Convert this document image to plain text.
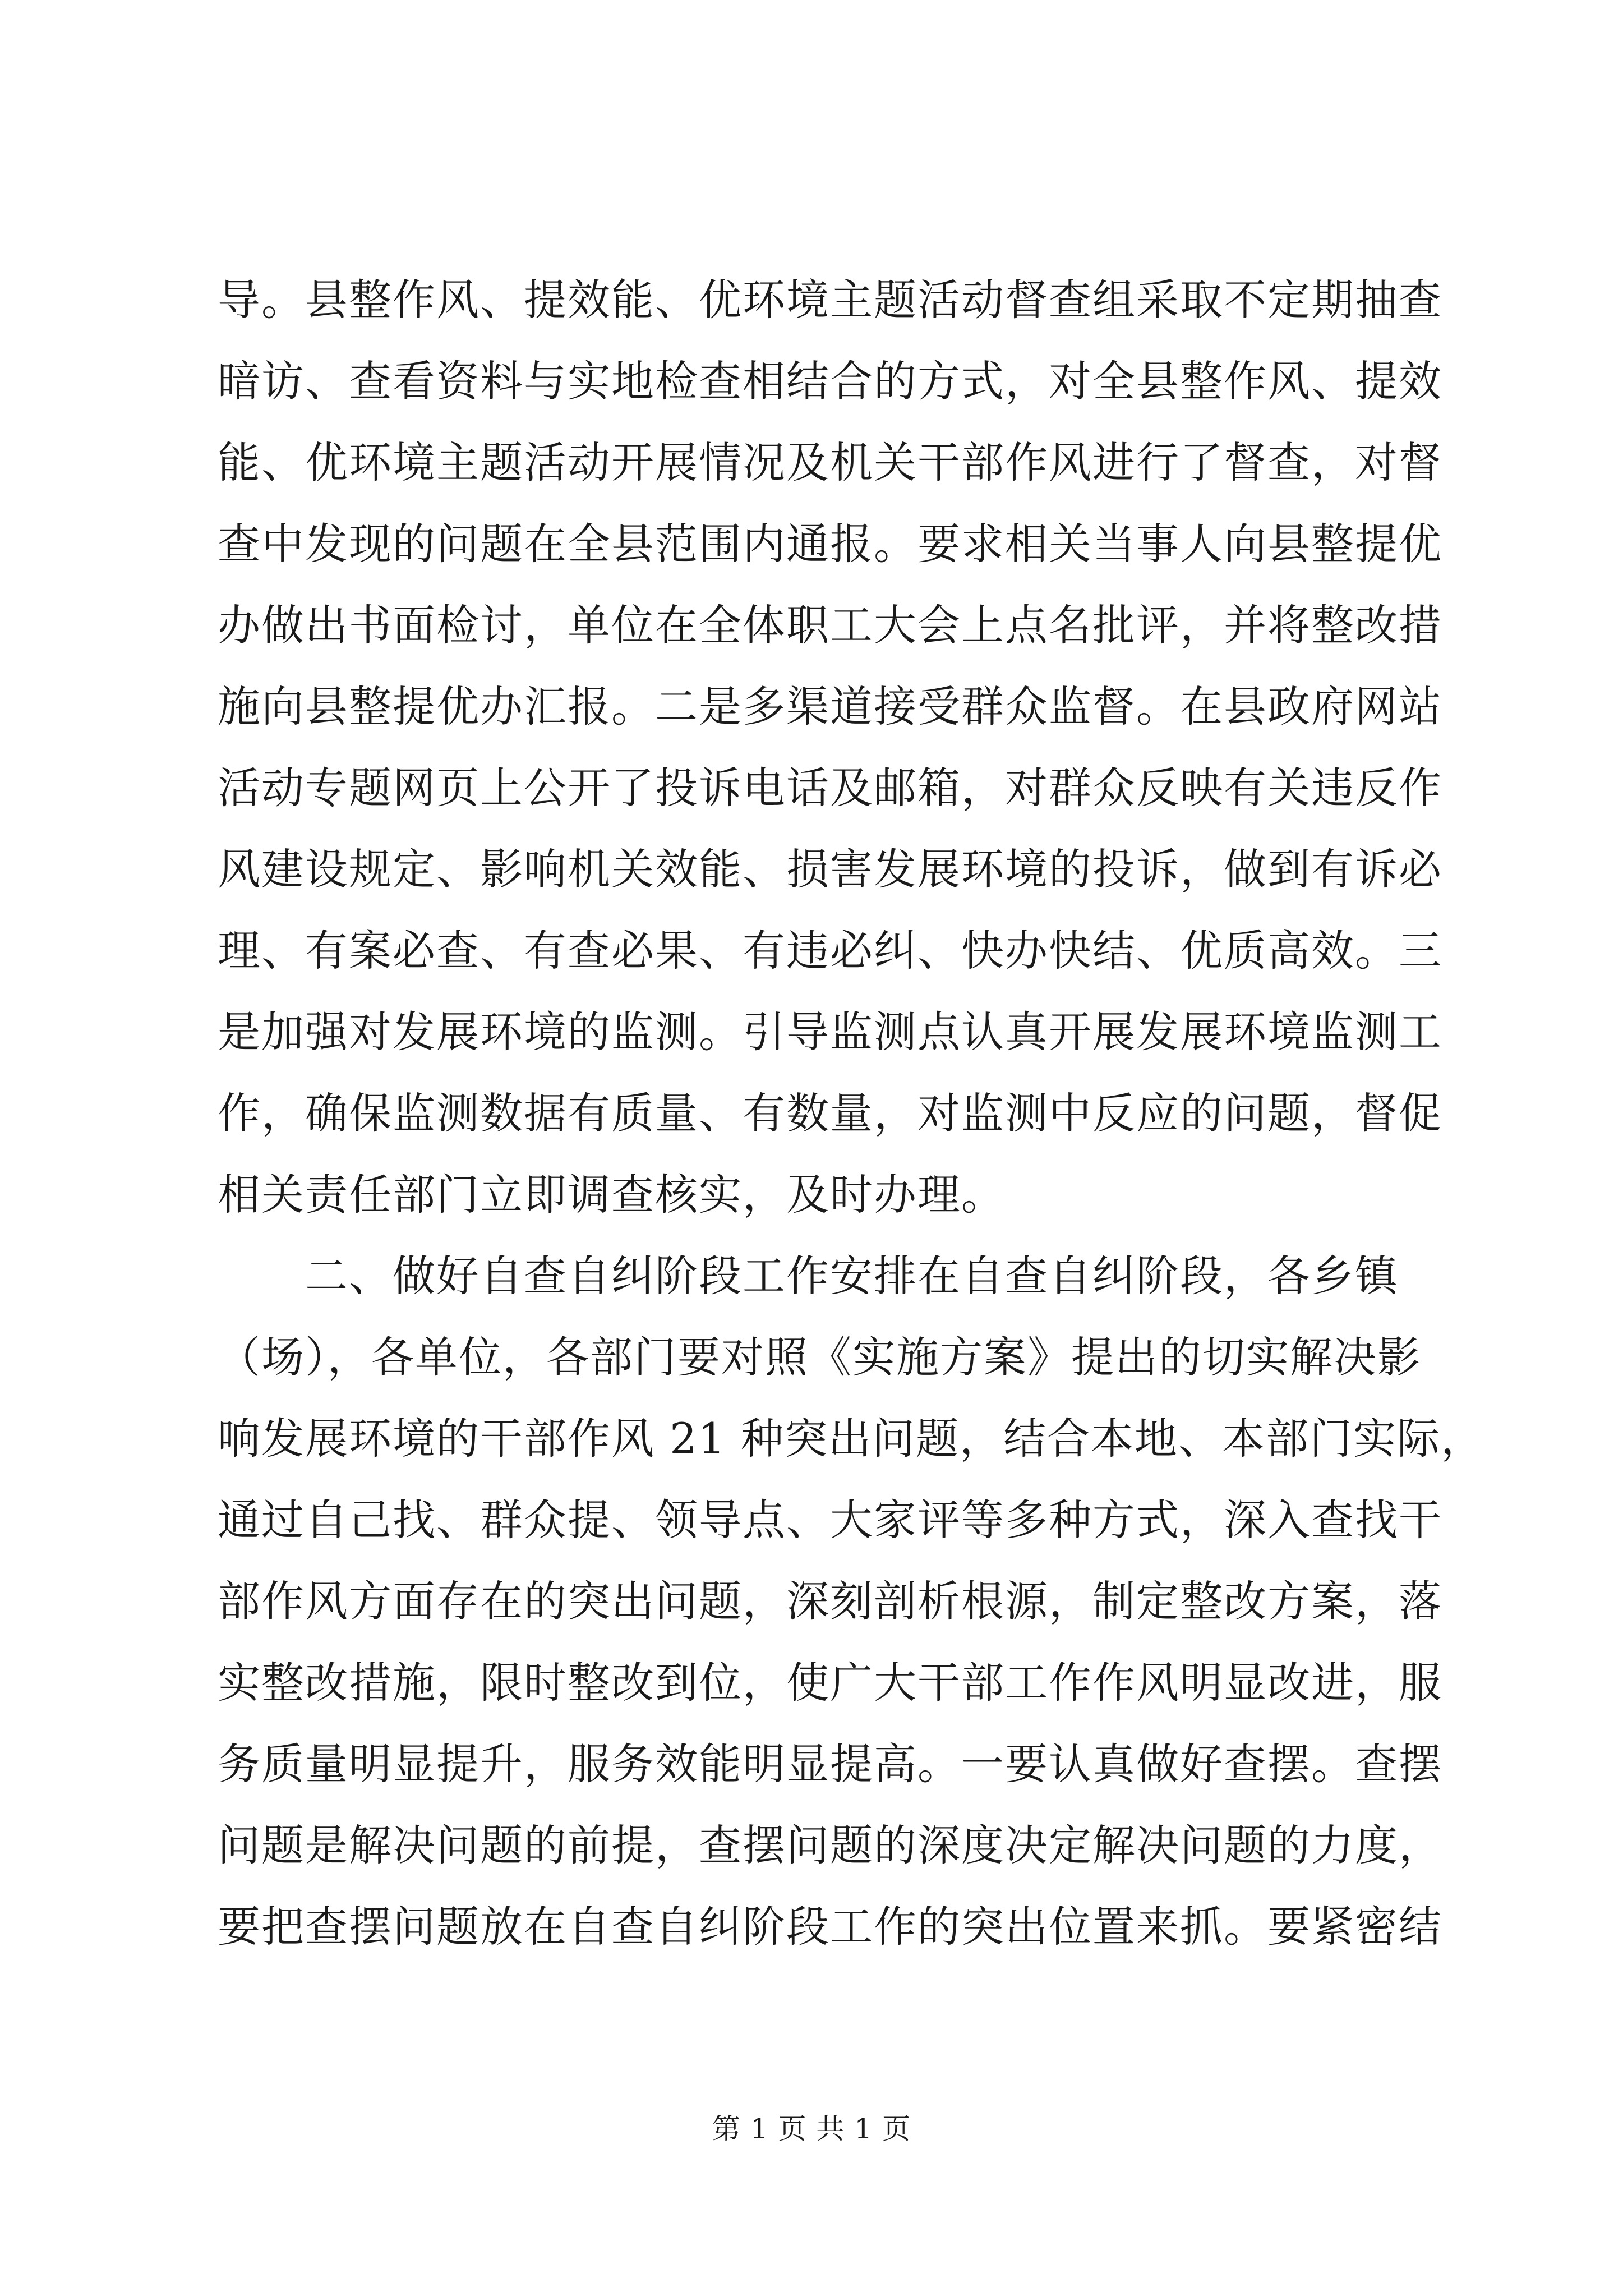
导。县整作风、提效能、优环境主题活动督查组采取不定期抽查
暗访、查看资料与实地检查相结合的方式，对全县整作风、提效
能、优环境主题活动开展情况及机关干部作风进行了督查，对督
查中发现的问题在全县范围内通报。要求相关当事人向县整提优
办做出书面检讨，单位在全体职工大会上点名批评，并将整改措
施向县整提优办汇报。二是多渠道接受群众监督。在县政府网站
活动专题网页上公开了投诉电话及邮箱，对群众反映有关违反作
风建设规定、影响机关效能、损害发展环境的投诉，做到有诉必
理、有案必查、有查必果、有违必纠、快办快结、优质高效。三
是加强对发展环境的监测。引导监测点认真开展发展环境监测工
作，确保监测数据有质量、有数量，对监测中反应的问题，督促
相关责任部门立即调查核实，及时办理。
　　二、做好自查自纠阶段工作安排在自查自纠阶段，各乡镇
（场），各单位，各部门要对照《实施方案》提出的切实解决影
响发展环境的干部作风 21 种突出问题，结合本地、本部门实际，
通过自己找、群众提、领导点、大家评等多种方式，深入查找干
部作风方面存在的突出问题，深刻剖析根源，制定整改方案，落
实整改措施，限时整改到位，使广大干部工作作风明显改进，服
务质量明显提升，服务效能明显提高。一要认真做好查摆。查摆
问题是解决问题的前提，查摆问题的深度决定解决问题的力度，
要把查摆问题放在自查自纠阶段工作的突出位置来抓。要紧密结
第 1 页 共 1 页
